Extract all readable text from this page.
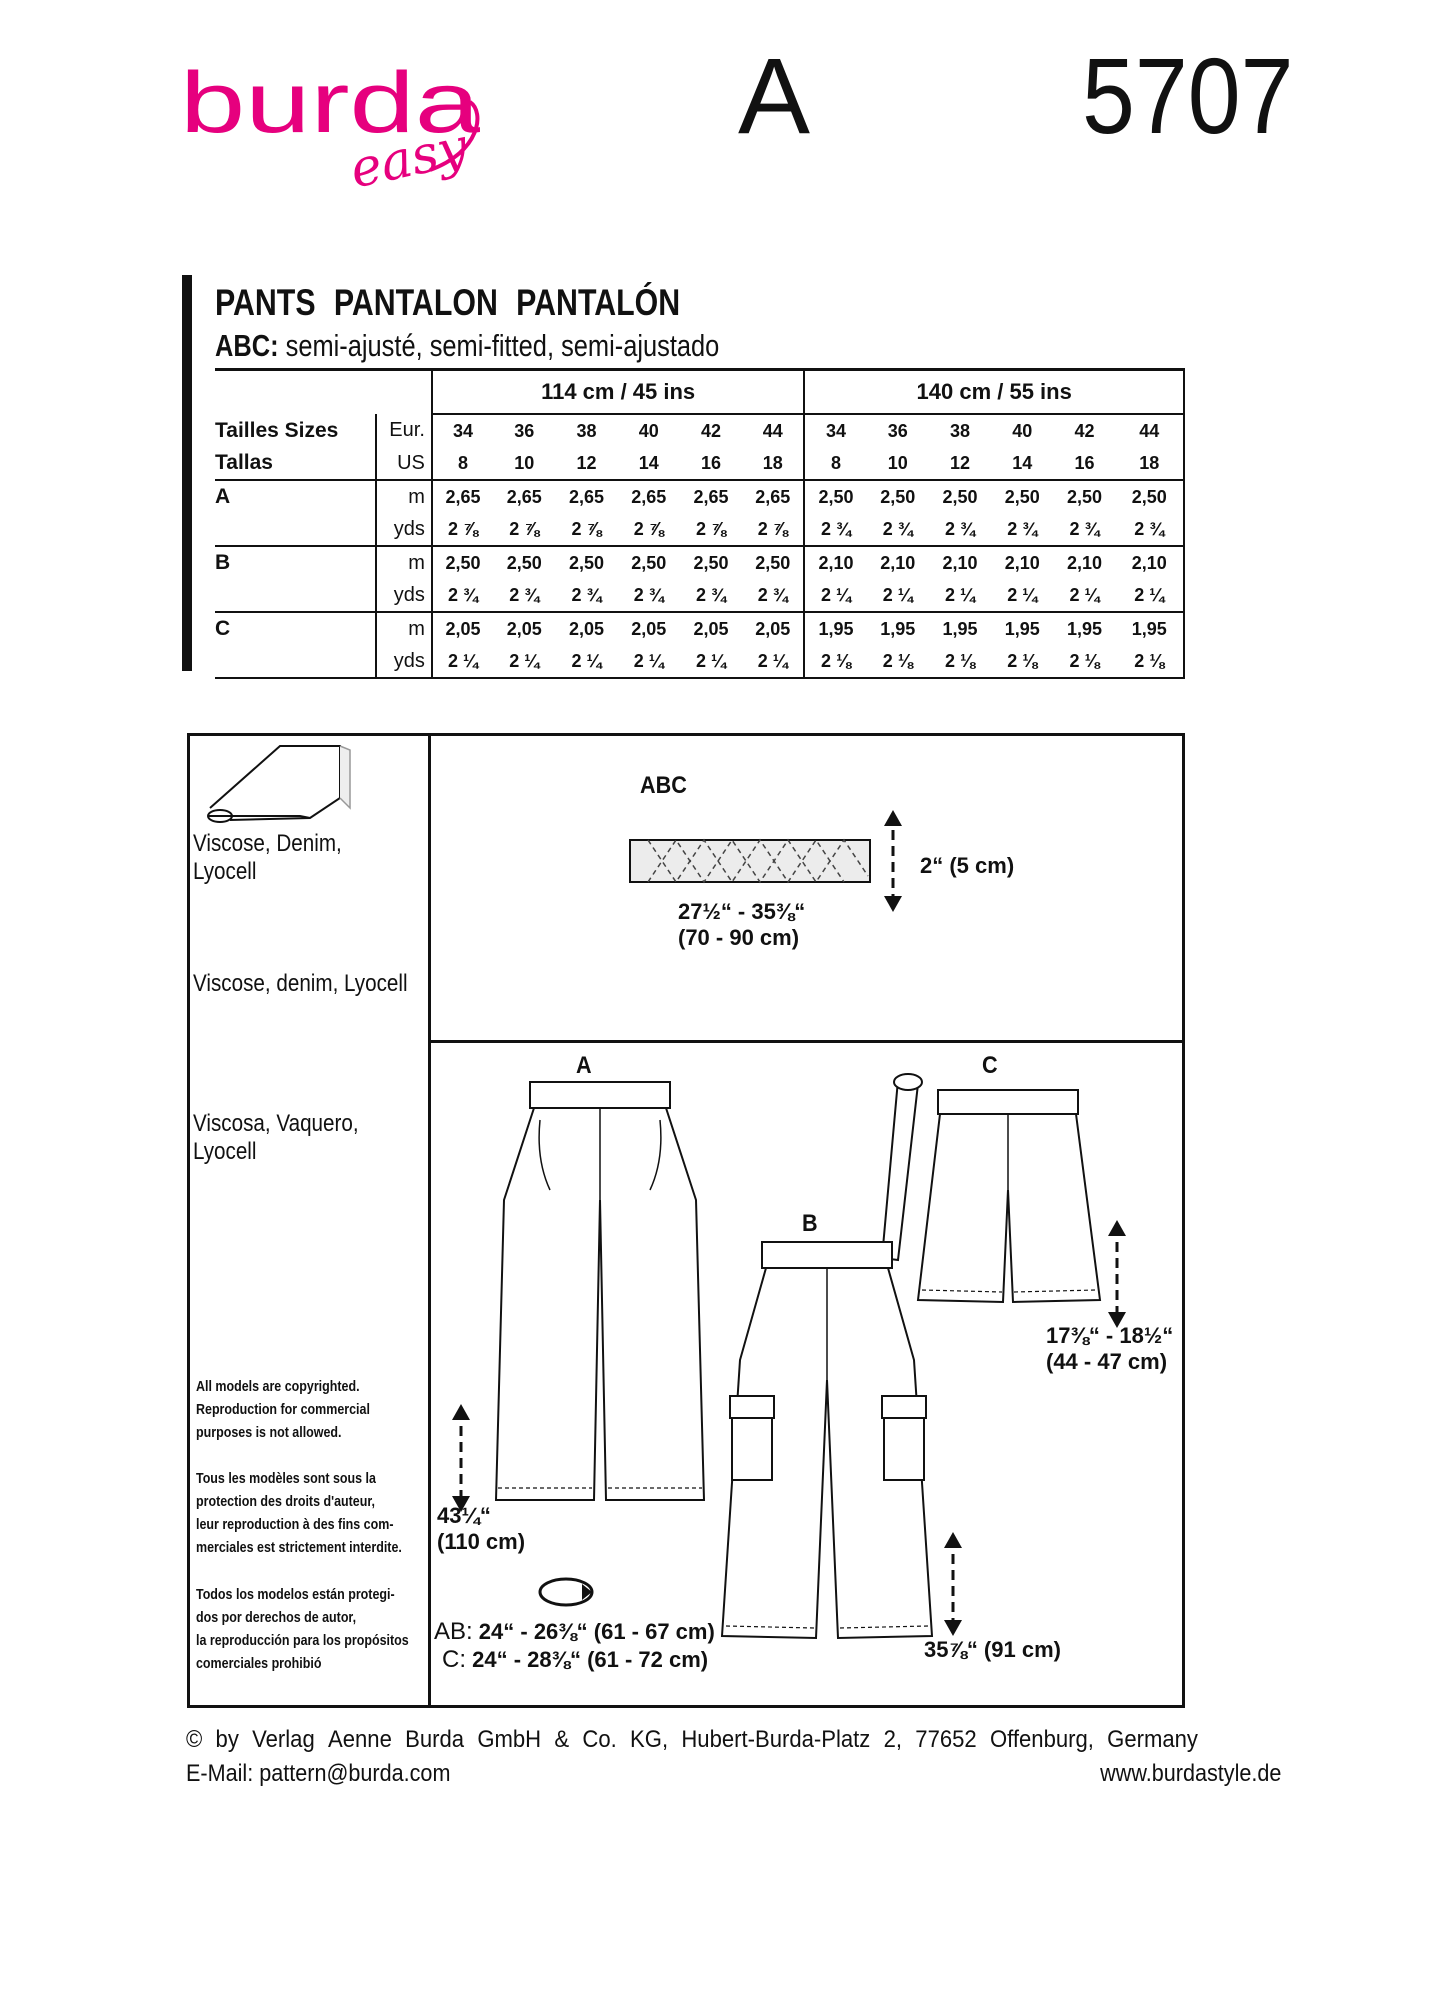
burda
easy
A	5707
PANTS PANTALON PANTALÓN
ABC: semi-ajusté, semi-fitted, semi-ajustado
		114 cm / 45 ins						140 cm / 55 ins					
Tailles Sizes	Eur.	34	36	38	40	42	44	34	36	38	40	42	44
Tallas	US	8	10	12	14	16	18	8	10	12	14	16	18
A	m	2,65	2,65	2,65	2,65	2,65	2,65	2,50	2,50	2,50	2,50	2,50	2,50
	yds	2 ⅞	2 ⅞	2 ⅞	2 ⅞	2 ⅞	2 ⅞	2 ¾	2 ¾	2 ¾	2 ¾	2 ¾	2 ¾
B	m	2,50	2,50	2,50	2,50	2,50	2,50	2,10	2,10	2,10	2,10	2,10	2,10
	yds	2 ¾	2 ¾	2 ¾	2 ¾	2 ¾	2 ¾	2 ¼	2 ¼	2 ¼	2 ¼	2 ¼	2 ¼
C	m	2,05	2,05	2,05	2,05	2,05	2,05	1,95	1,95	1,95	1,95	1,95	1,95
	yds	2 ¼	2 ¼	2 ¼	2 ¼	2 ¼	2 ¼	2 ⅛	2 ⅛	2 ⅛	2 ⅛	2 ⅛	2 ⅛
Viscose, Denim,
Lyocell
Viscose, denim, Lyocell
Viscosa, Vaquero,
Lyocell
All models are copyrighted.
Reproduction for commercial
purposes is not allowed.
Tous les modèles sont sous la
protection des droits d'auteur,
leur reproduction à des fins com-
merciales est strictement interdite.
Todos los modelos están protegi-
dos por derechos de autor,
la reproducción para los propósitos
comerciales prohibió
ABC
2“ (5 cm)
27½“ - 35⅜“
(70 - 90 cm)
A
B
C
43¼“
(110 cm)
17⅜“ - 18½“
(44 - 47 cm)
35⅞“ (91 cm)
AB: 24“ - 26⅜“ (61 - 67 cm)
C: 24“ - 28⅜“ (61 - 72 cm)
© by Verlag Aenne Burda GmbH & Co. KG, Hubert-Burda-Platz 2, 77652 Offenburg, Germany
E-Mail: pattern@burda.com	www.burdastyle.de
